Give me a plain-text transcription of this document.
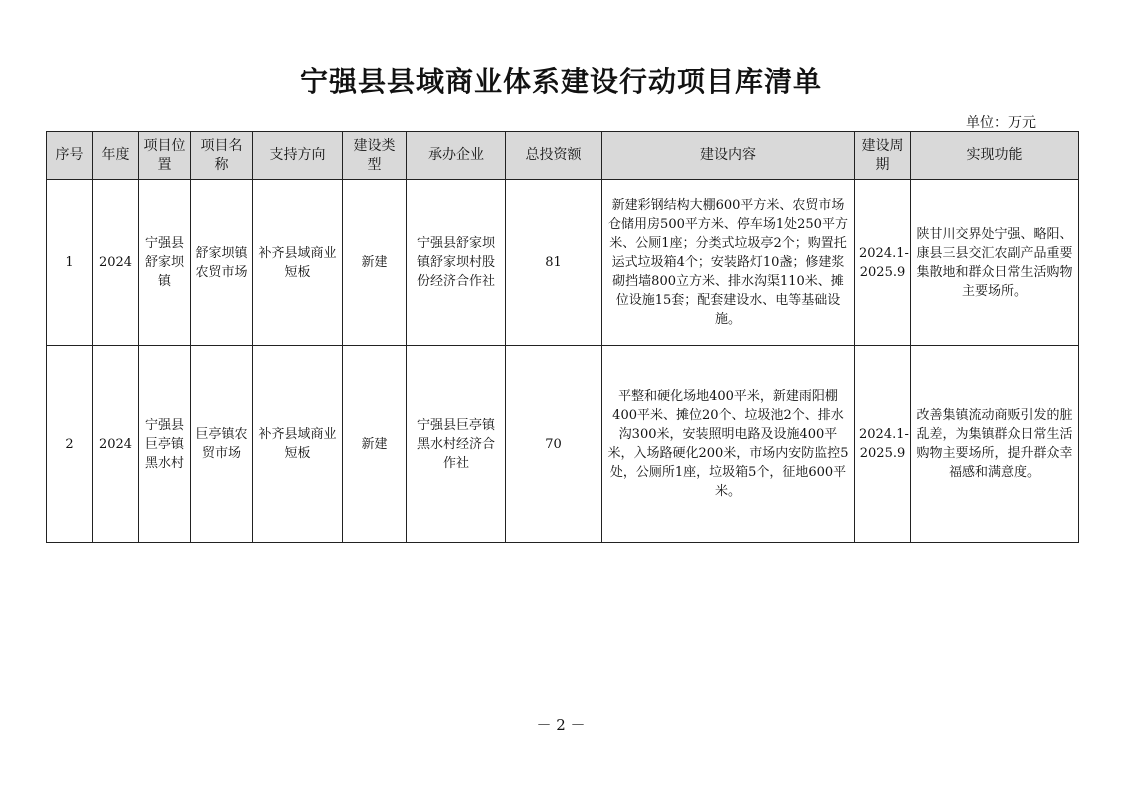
宁强县县域商业体系建设行动项目库清单
单位：万元
序号	年度	项目位置	项目名称	支持方向	建设类型	承办企业	总投资额	建设内容	建设周期	实现功能
1	2024	宁强县舒家坝镇	舒家坝镇农贸市场	补齐县域商业短板	新建	宁强县舒家坝镇舒家坝村股份经济合作社	81	新建彩钢结构大棚600平方米、农贸市场仓储用房500平方米、停车场1处250平方米、公厕1座；分类式垃圾亭2个；购置托运式垃圾箱4个；安装路灯10盏；修建浆砌挡墙800立方米、排水沟渠110米、摊位设施15套；配套建设水、电等基础设施。	2024.1-2025.9	陕甘川交界处宁强、略阳、康县三县交汇农副产品重要集散地和群众日常生活购物主要场所。
2	2024	宁强县巨亭镇黑水村	巨亭镇农贸市场	补齐县域商业短板	新建	宁强县巨亭镇黑水村经济合作社	70	平整和硬化场地400平米，新建雨阳棚400平米、摊位20个、垃圾池2个、排水沟300米，安装照明电路及设施400平米，入场路硬化200米，市场内安防监控5处，公厕所1座，垃圾箱5个，征地600平米。	2024.1-2025.9	改善集镇流动商贩引发的脏乱差，为集镇群众日常生活购物主要场所，提升群众幸福感和满意度。
－ 2 －
